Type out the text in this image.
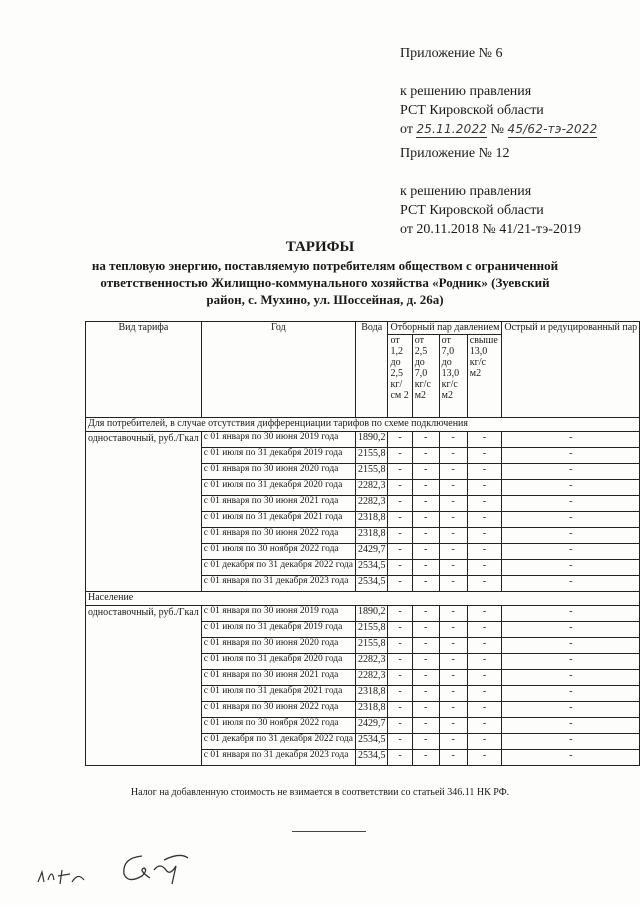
Приложение № 6
к решению правления
РСТ Кировской области
от 25.11.2022 № 45/62-тэ-2022
Приложение № 12
к решению правления
РСТ Кировской области
от 20.11.2018 № 41/21-тэ-2019
ТАРИФЫ
на тепловую энергию, поставляемую потребителям обществом с ограниченной ответственностью Жилищно-коммунального хозяйства «Родник» (Зуевский район, с. Мухино, ул. Шоссейная, д. 26а)
Вид тарифа	Год	Вода	Отборный пар давлением				Острый и редуцированный пар
			от 1,2 до 2,5 кг/см 2	от 2,5 до 7,0 кг/с м2	от 7,0 до 13,0 кг/с м2	свыше 13,0 кг/с м2	
Для потребителей, в случае отсутствия дифференциации тарифов по схеме подключения							
одноставочный, руб./Гкал	с 01 января по 30 июня 2019 года	1890,2	-	-	-	-	-
	с 01 июля по 31 декабря 2019 года	2155,8	-	-	-	-	-
	с 01 января по 30 июня 2020 года	2155,8	-	-	-	-	-
	с 01 июля по 31 декабря 2020 года	2282,3	-	-	-	-	-
	с 01 января по 30 июня 2021 года	2282,3	-	-	-	-	-
	с 01 июля по 31 декабря 2021 года	2318,8	-	-	-	-	-
	с 01 января по 30 июня 2022 года	2318,8	-	-	-	-	-
	с 01 июля по 30 ноября 2022 года	2429,7	-	-	-	-	-
	с 01 декабря по 31 декабря 2022 года	2534,5	-	-	-	-	-
	с 01 января по 31 декабря 2023 года	2534,5	-	-	-	-	-
Население							
одноставочный, руб./Гкал	с 01 января по 30 июня 2019 года	1890,2	-	-	-	-	-
	с 01 июля по 31 декабря 2019 года	2155,8	-	-	-	-	-
	с 01 января по 30 июня 2020 года	2155,8	-	-	-	-	-
	с 01 июля по 31 декабря 2020 года	2282,3	-	-	-	-	-
	с 01 января по 30 июня 2021 года	2282,3	-	-	-	-	-
	с 01 июля по 31 декабря 2021 года	2318,8	-	-	-	-	-
	с 01 января по 30 июня 2022 года	2318,8	-	-	-	-	-
	с 01 июля по 30 ноября 2022 года	2429,7	-	-	-	-	-
	с 01 декабря по 31 декабря 2022 года	2534,5	-	-	-	-	-
	с 01 января по 31 декабря 2023 года	2534,5	-	-	-	-	-
Налог на добавленную стоимость не взимается в соответствии со статьей 346.11 НК РФ.
